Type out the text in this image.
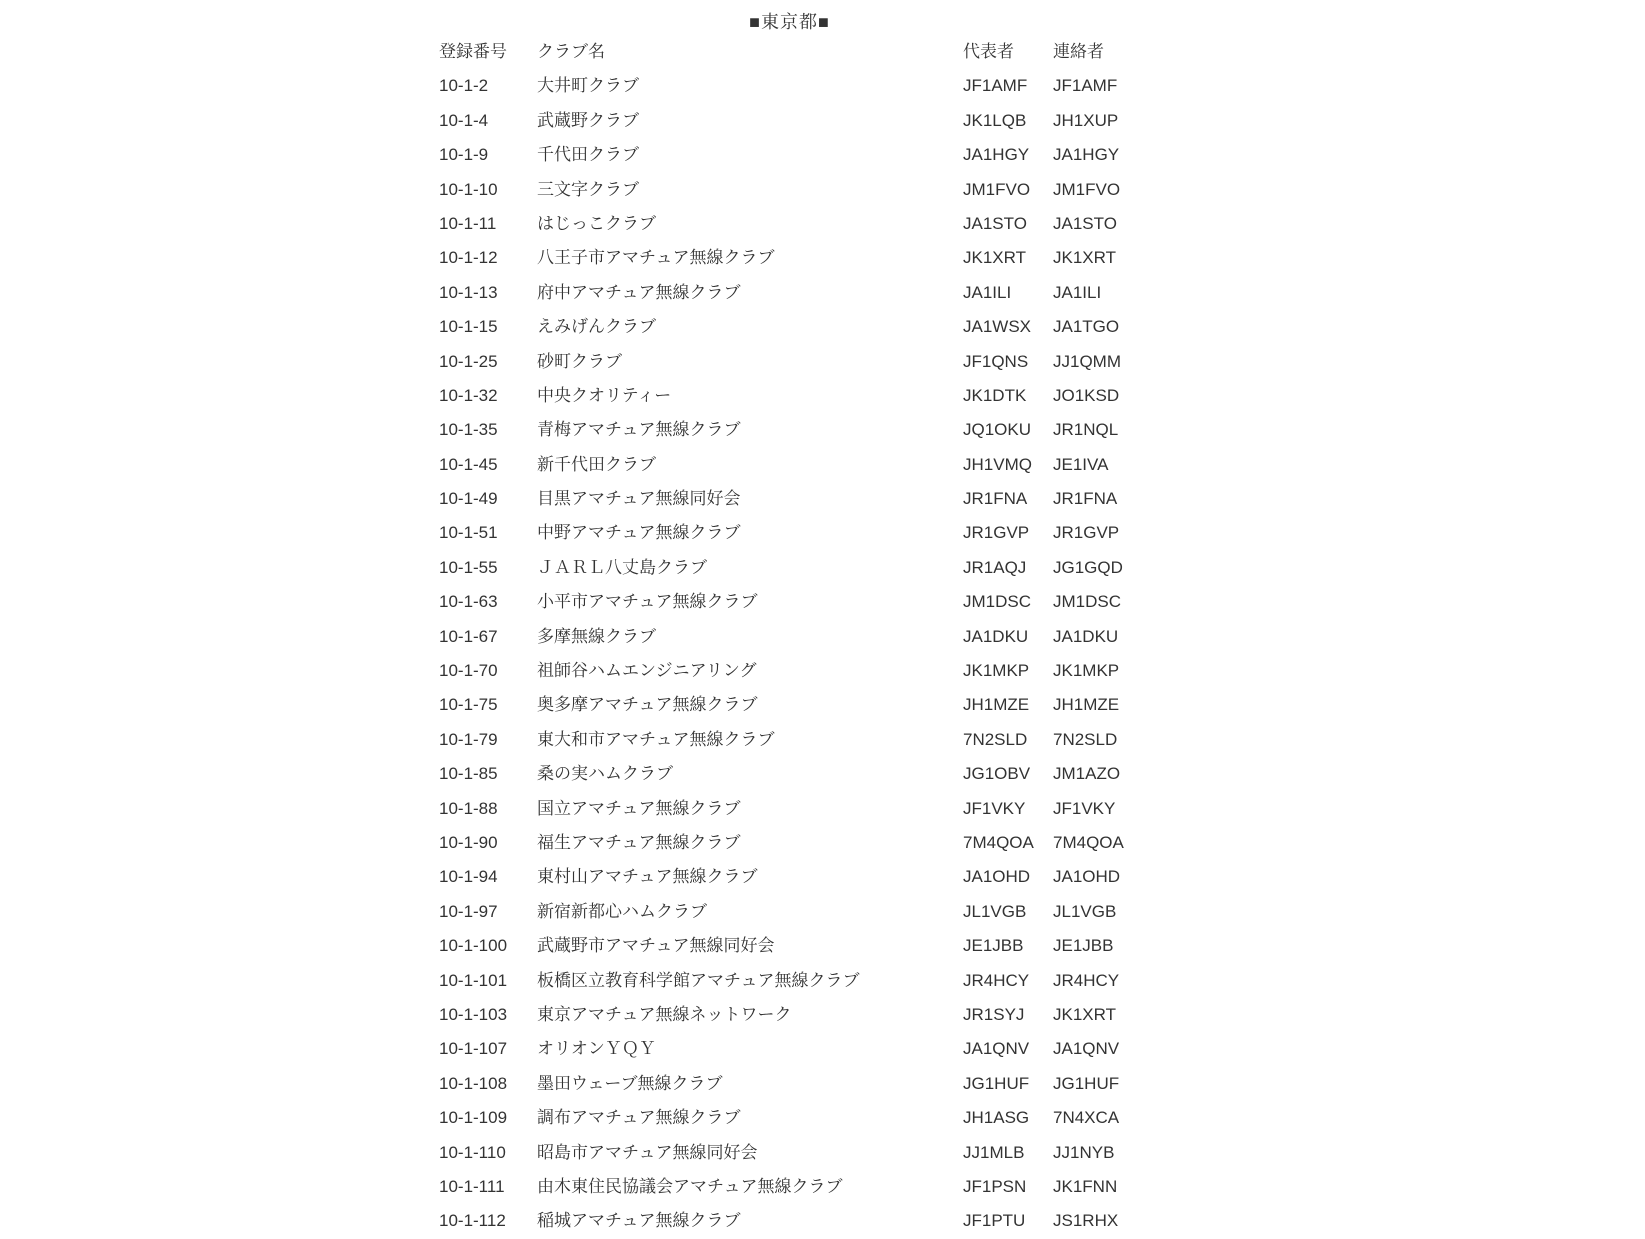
■東京都■
登録番号	クラブ名	代表者	連絡者
10-1-2	大井町クラブ	JF1AMF	JF1AMF
10-1-4	武蔵野クラブ	JK1LQB	JH1XUP
10-1-9	千代田クラブ	JA1HGY	JA1HGY
10-1-10	三文字クラブ	JM1FVO	JM1FVO
10-1-11	はじっこクラブ	JA1STO	JA1STO
10-1-12	八王子市アマチュア無線クラブ	JK1XRT	JK1XRT
10-1-13	府中アマチュア無線クラブ	JA1ILI	JA1ILI
10-1-15	えみげんクラブ	JA1WSX	JA1TGO
10-1-25	砂町クラブ	JF1QNS	JJ1QMM
10-1-32	中央クオリティー	JK1DTK	JO1KSD
10-1-35	青梅アマチュア無線クラブ	JQ1OKU	JR1NQL
10-1-45	新千代田クラブ	JH1VMQ	JE1IVA
10-1-49	目黒アマチュア無線同好会	JR1FNA	JR1FNA
10-1-51	中野アマチュア無線クラブ	JR1GVP	JR1GVP
10-1-55	ＪＡＲＬ八丈島クラブ	JR1AQJ	JG1GQD
10-1-63	小平市アマチュア無線クラブ	JM1DSC	JM1DSC
10-1-67	多摩無線クラブ	JA1DKU	JA1DKU
10-1-70	祖師谷ハムエンジニアリング	JK1MKP	JK1MKP
10-1-75	奥多摩アマチュア無線クラブ	JH1MZE	JH1MZE
10-1-79	東大和市アマチュア無線クラブ	7N2SLD	7N2SLD
10-1-85	桑の実ハムクラブ	JG1OBV	JM1AZO
10-1-88	国立アマチュア無線クラブ	JF1VKY	JF1VKY
10-1-90	福生アマチュア無線クラブ	7M4QOA	7M4QOA
10-1-94	東村山アマチュア無線クラブ	JA1OHD	JA1OHD
10-1-97	新宿新都心ハムクラブ	JL1VGB	JL1VGB
10-1-100	武蔵野市アマチュア無線同好会	JE1JBB	JE1JBB
10-1-101	板橋区立教育科学館アマチュア無線クラブ	JR4HCY	JR4HCY
10-1-103	東京アマチュア無線ネットワーク	JR1SYJ	JK1XRT
10-1-107	オリオンＹＱＹ	JA1QNV	JA1QNV
10-1-108	墨田ウェーブ無線クラブ	JG1HUF	JG1HUF
10-1-109	調布アマチュア無線クラブ	JH1ASG	7N4XCA
10-1-110	昭島市アマチュア無線同好会	JJ1MLB	JJ1NYB
10-1-111	由木東住民協議会アマチュア無線クラブ	JF1PSN	JK1FNN
10-1-112	稲城アマチュア無線クラブ	JF1PTU	JS1RHX
